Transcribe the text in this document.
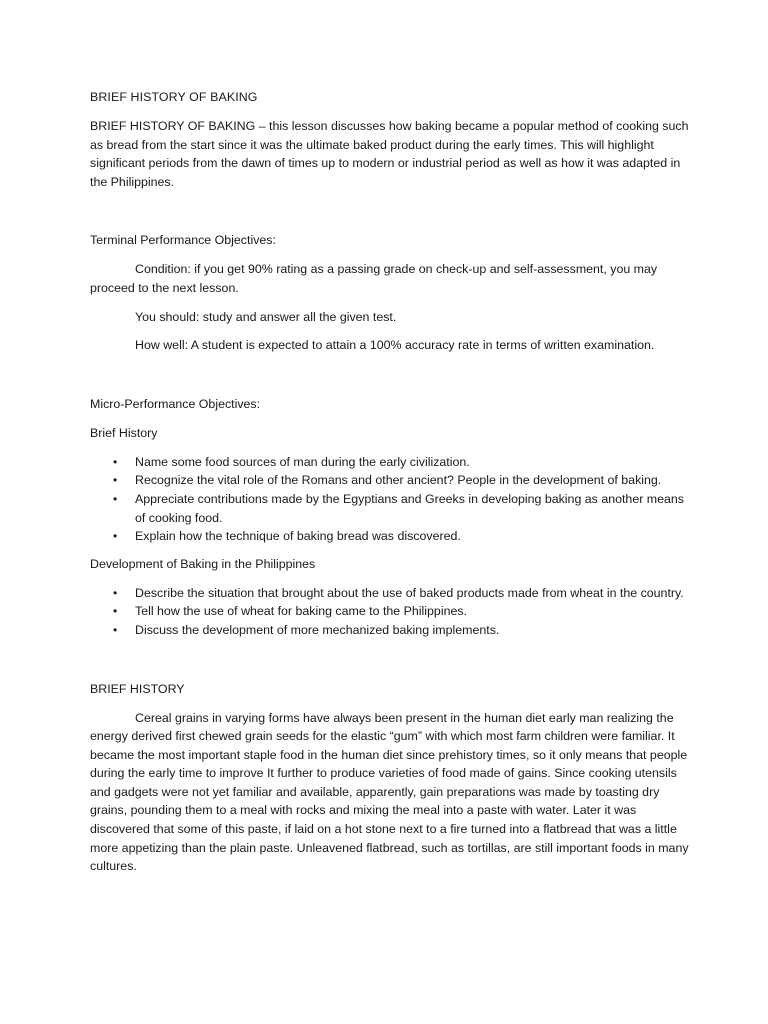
BRIEF HISTORY OF BAKING

BRIEF HISTORY OF BAKING – this lesson discusses how baking became a popular method of cooking such as bread from the start since it was the ultimate baked product during the early times. This will highlight significant periods from the dawn of times up to modern or industrial period as well as how it was adapted in the Philippines.

Terminal Performance Objectives:

Condition: if you get 90% rating as a passing grade on check-up and self-assessment, you may proceed to the next lesson.

You should: study and answer all the given test.

How well: A student is expected to attain a 100% accuracy rate in terms of written examination.

Micro-Performance Objectives:

Brief History

• Name some food sources of man during the early civilization.
• Recognize the vital role of the Romans and other ancient? People in the development of baking.
• Appreciate contributions made by the Egyptians and Greeks in developing baking as another means of cooking food.
• Explain how the technique of baking bread was discovered.

Development of Baking in the Philippines

• Describe the situation that brought about the use of baked products made from wheat in the country.
• Tell how the use of wheat for baking came to the Philippines.
• Discuss the development of more mechanized baking implements.

BRIEF HISTORY

Cereal grains in varying forms have always been present in the human diet early man realizing the energy derived first chewed grain seeds for the elastic “gum” with which most farm children were familiar. It became the most important staple food in the human diet since prehistory times, so it only means that people during the early time to improve It further to produce varieties of food made of gains. Since cooking utensils and gadgets were not yet familiar and available, apparently, gain preparations was made by toasting dry grains, pounding them to a meal with rocks and mixing the meal into a paste with water. Later it was discovered that some of this paste, if laid on a hot stone next to a fire turned into a flatbread that was a little more appetizing than the plain paste. Unleavened flatbread, such as tortillas, are still important foods in many cultures.
